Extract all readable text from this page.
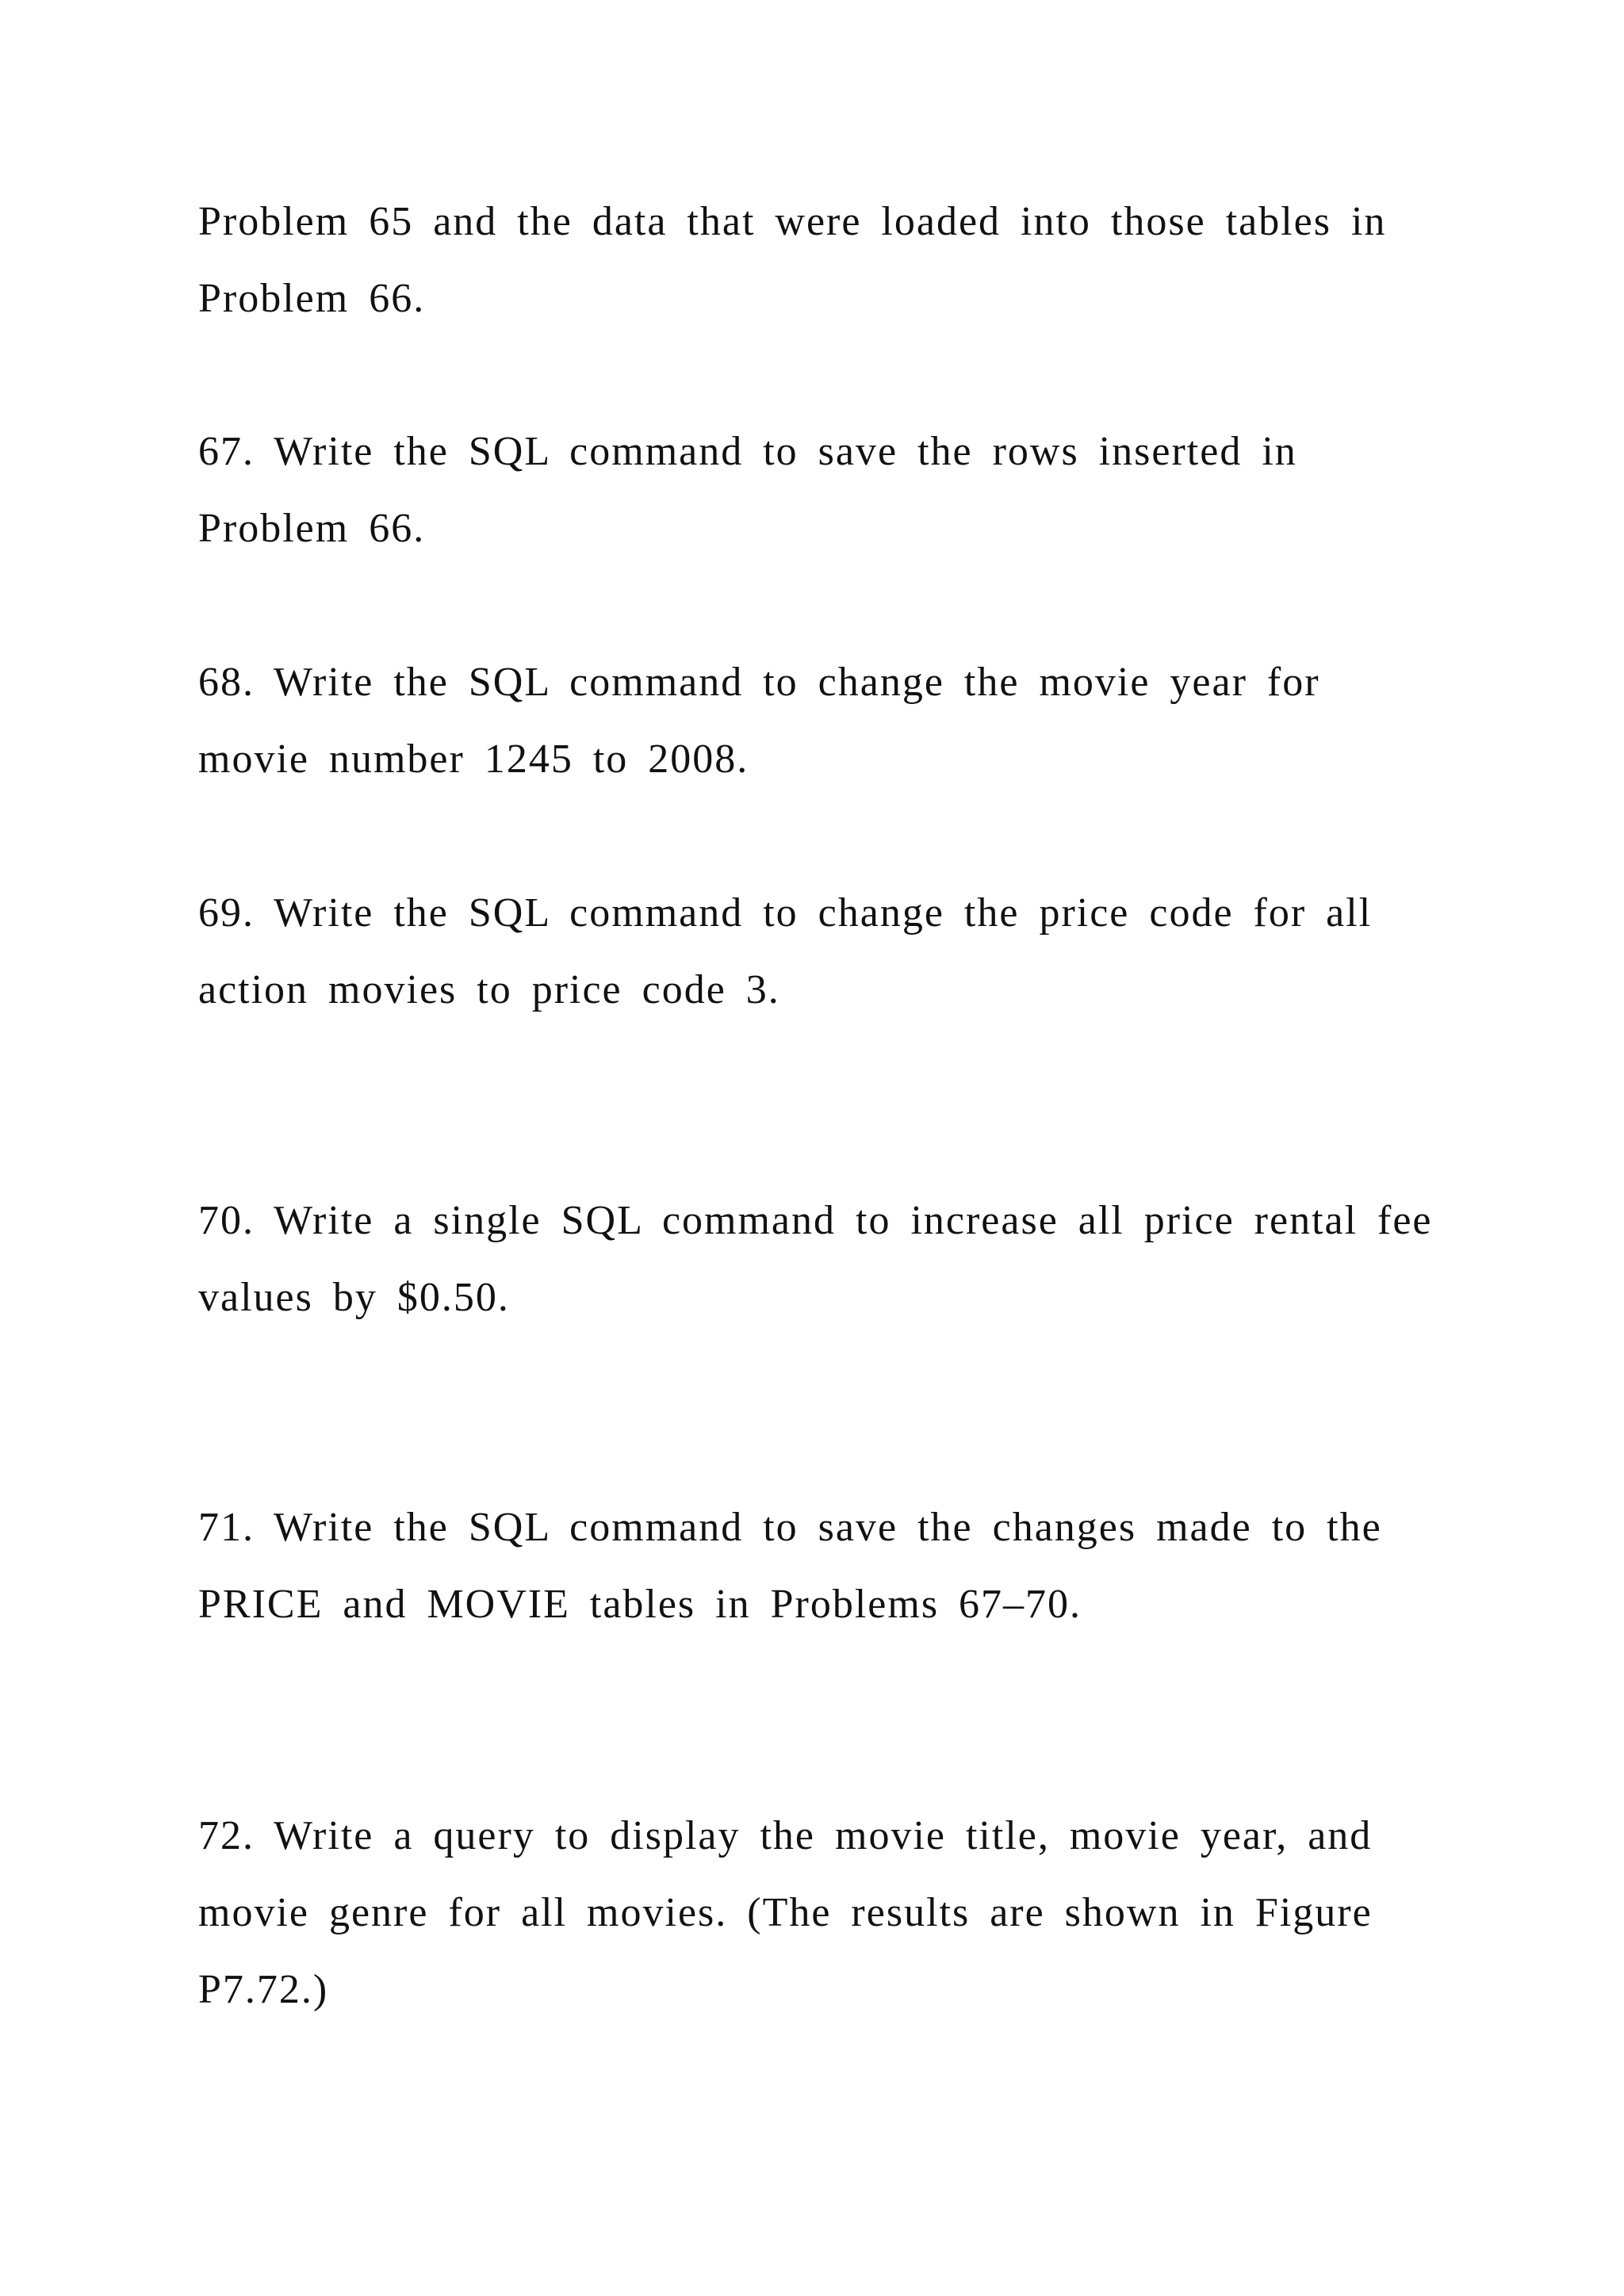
Problem 65 and the data that were loaded into those tables in
Problem 66.
67. Write the SQL command to save the rows inserted in
Problem 66.
68. Write the SQL command to change the movie year for
movie number 1245 to 2008.
69. Write the SQL command to change the price code for all
action movies to price code 3.
70. Write a single SQL command to increase all price rental fee
values by $0.50.
71. Write the SQL command to save the changes made to the
PRICE and MOVIE tables in Problems 67–70.
72. Write a query to display the movie title, movie year, and
movie genre for all movies. (The results are shown in Figure
P7.72.)
